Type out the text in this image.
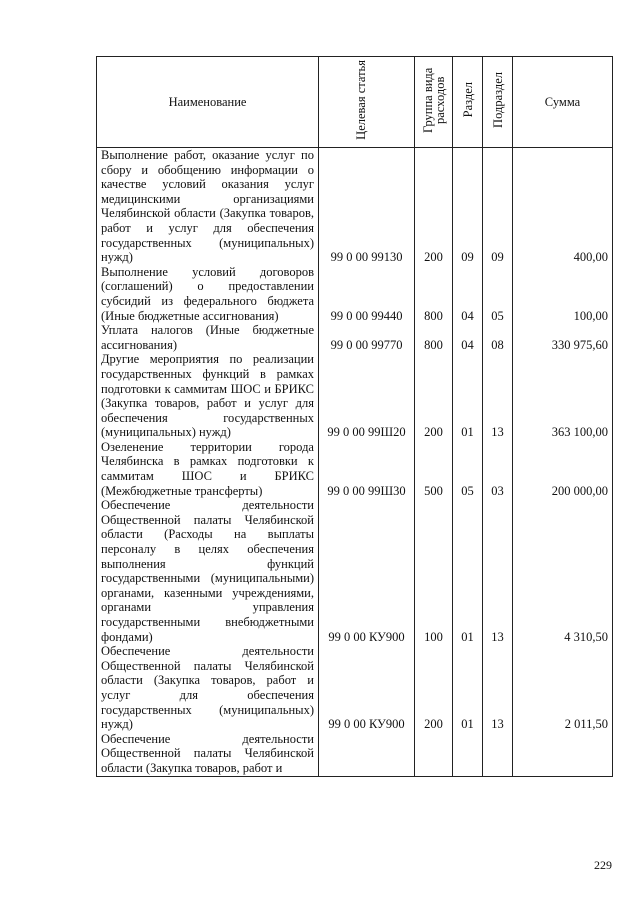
Наименование	Целевая статья	Группа вида расходов	Раздел	Подраздел	Сумма
Выполнение работ, оказание услуг по сбору и обобщению информации о качестве условий оказания услуг медицинскими организациями Челябинской области (Закупка товаров, работ и услуг для обеспечения государственных (муниципальных) нужд)	99 0 00 99130	200	09	09	400,00
Выполнение условий договоров (соглашений) о предоставлении субсидий из федерального бюджета (Иные бюджетные ассигнования)	99 0 00 99440	800	04	05	100,00
Уплата налогов (Иные бюджетные ассигнования)	99 0 00 99770	800	04	08	330 975,60
Другие мероприятия по реализации государственных функций в рамках подготовки к саммитам ШОС и БРИКС (Закупка товаров, работ и услуг для обеспечения государственных (муниципальных) нужд)	99 0 00 99Ш20	200	01	13	363 100,00
Озеленение территории города Челябинска в рамках подготовки к саммитам ШОС и БРИКС (Межбюджетные трансферты)	99 0 00 99Ш30	500	05	03	200 000,00
Обеспечение деятельности Общественной палаты Челябинской области (Расходы на выплаты персоналу в целях обеспечения выполнения функций государственными (муниципальными) органами, казенными учреждениями, органами управления государственными внебюджетными фондами)	99 0 00 КУ900	100	01	13	4 310,50
Обеспечение деятельности Общественной палаты Челябинской области (Закупка товаров, работ и услуг для обеспечения государственных (муниципальных) нужд)	99 0 00 КУ900	200	01	13	2 011,50
Обеспечение деятельности Общественной палаты Челябинской области (Закупка товаров, работ и					
229
